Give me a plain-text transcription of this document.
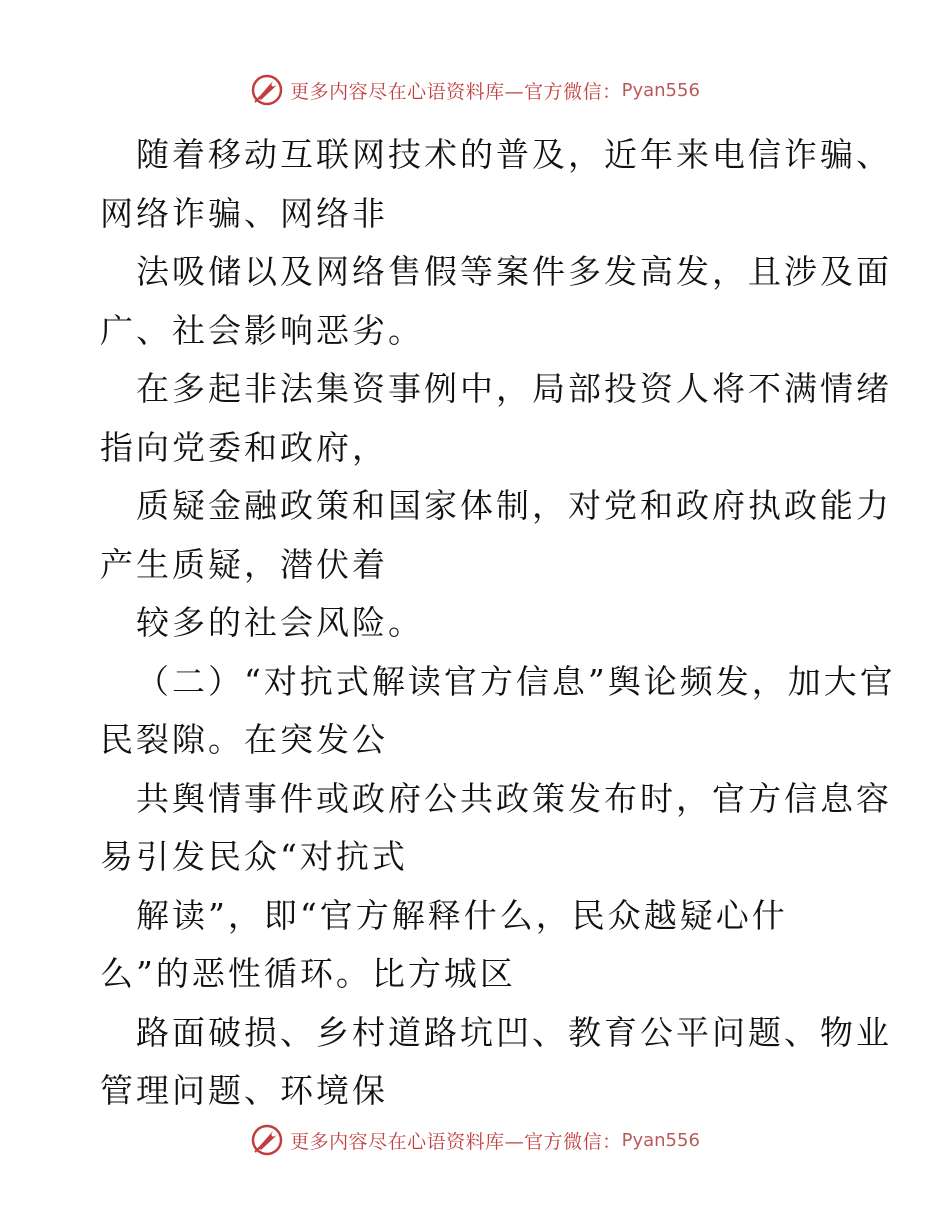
更多内容尽在心语资料库—官方微信： Pyan556
随着移动互联网技术的普及，近年来电信诈骗、
网络诈骗、网络非
法吸储以及网络售假等案件多发高发，且涉及面
广、社会影响恶劣。
在多起非法集资事例中，局部投资人将不满情绪
指向党委和政府，
质疑金融政策和国家体制，对党和政府执政能力
产生质疑，潜伏着
较多的社会风险。
（二）“对抗式解读官方信息”舆论频发，加大官
民裂隙。在突发公
共舆情事件或政府公共政策发布时，官方信息容
易引发民众“对抗式
解读”，即“官方解释什么，民众越疑心什
么”的恶性循环。比方城区
路面破损、乡村道路坑凹、教育公平问题、物业
管理问题、环境保
更多内容尽在心语资料库—官方微信： Pyan556
